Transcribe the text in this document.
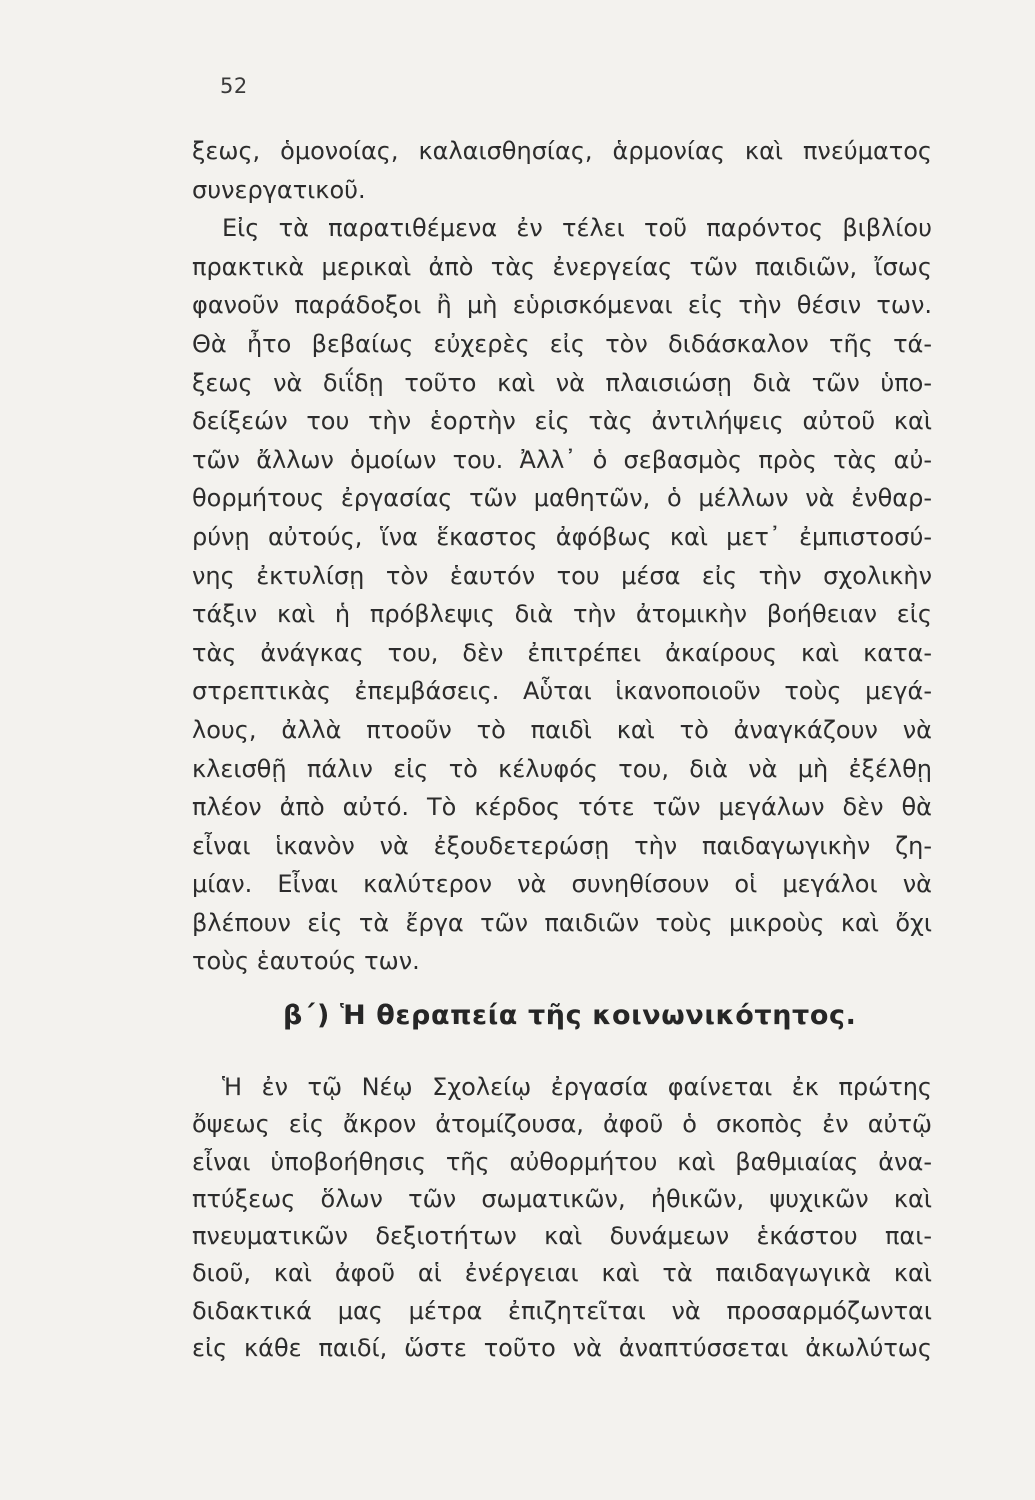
52
ξεως, ὁμονοίας, καλαισθησίας, ἁρμονίας καὶ πνεύματος
συνεργατικοῦ.
Εἰς τὰ παρατιθέμενα ἐν τέλει τοῦ παρόντος βιβλίου
πρακτικὰ μερικαὶ ἀπὸ τὰς ἐνεργείας τῶν παιδιῶν, ἴσως
φανοῦν παράδοξοι ἢ μὴ εὑρισκόμεναι εἰς τὴν θέσιν των.
Θὰ ἦτο βεβαίως εὐχερὲς εἰς τὸν διδάσκαλον τῆς τά-
ξεως νὰ διΐδῃ τοῦτο καὶ νὰ πλαισιώσῃ διὰ τῶν ὑπο-
δείξεών του τὴν ἑορτὴν εἰς τὰς ἀντιλήψεις αὐτοῦ καὶ
τῶν ἄλλων ὁμοίων του. Ἀλλ᾽ ὁ σεβασμὸς πρὸς τὰς αὐ-
θορμήτους ἐργασίας τῶν μαθητῶν, ὁ μέλλων νὰ ἐνθαρ-
ρύνῃ αὐτούς, ἵνα ἕκαστος ἀφόβως καὶ μετ᾽ ἐμπιστοσύ-
νης ἐκτυλίσῃ τὸν ἑαυτόν του μέσα εἰς τὴν σχολικὴν
τάξιν καὶ ἡ πρόβλεψις διὰ τὴν ἀτομικὴν βοήθειαν εἰς
τὰς ἀνάγκας του, δὲν ἐπιτρέπει ἀκαίρους καὶ κατα-
στρεπτικὰς ἐπεμβάσεις. Αὗται ἱκανοποιοῦν τοὺς μεγά-
λους, ἀλλὰ πτοοῦν τὸ παιδὶ καὶ τὸ ἀναγκάζουν νὰ
κλεισθῇ πάλιν εἰς τὸ κέλυφός του, διὰ νὰ μὴ ἐξέλθῃ
πλέον ἀπὸ αὐτό. Τὸ κέρδος τότε τῶν μεγάλων δὲν θὰ
εἶναι ἱκανὸν νὰ ἐξουδετερώσῃ τὴν παιδαγωγικὴν ζη-
μίαν. Εἶναι καλύτερον νὰ συνηθίσουν οἱ μεγάλοι νὰ
βλέπουν εἰς τὰ ἔργα τῶν παιδιῶν τοὺς μικροὺς καὶ ὄχι
τοὺς ἑαυτούς των.
β´) Ἡ θεραπεία τῆς κοινωνικότητος.
Ἡ ἐν τῷ Νέῳ Σχολείῳ ἐργασία φαίνεται ἐκ πρώτης
ὄψεως εἰς ἄκρον ἀτομίζουσα, ἀφοῦ ὁ σκοπὸς ἐν αὐτῷ
εἶναι ὑποβοήθησις τῆς αὐθορμήτου καὶ βαθμιαίας ἀνα-
πτύξεως ὅλων τῶν σωματικῶν, ἠθικῶν, ψυχικῶν καὶ
πνευματικῶν δεξιοτήτων καὶ δυνάμεων ἑκάστου παι-
διοῦ, καὶ ἀφοῦ αἱ ἐνέργειαι καὶ τὰ παιδαγωγικὰ καὶ
διδακτικά μας μέτρα ἐπιζητεῖται νὰ προσαρμόζωνται
εἰς κάθε παιδί, ὥστε τοῦτο νὰ ἀναπτύσσεται ἀκωλύτως
